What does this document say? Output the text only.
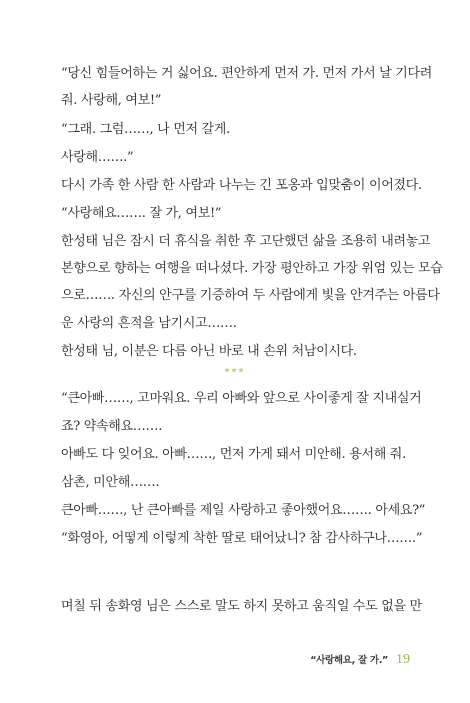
“당신 힘들어하는 거 싫어요. 편안하게 먼저 가. 먼저 가서 날 기다려
줘. 사랑해, 여보!”
“그래. 그럼……, 나 먼저 갈게.
사랑해…….”
다시 가족 한 사람 한 사람과 나누는 긴 포옹과 입맞춤이 이어졌다.
“사랑해요……. 잘 가, 여보!”
한성태 님은 잠시 더 휴식을 취한 후 고단했던 삶을 조용히 내려놓고
본향으로 향하는 여행을 떠나셨다. 가장 평안하고 가장 위엄 있는 모습
으로……. 자신의 안구를 기증하여 두 사람에게 빛을 안겨주는 아름다
운 사랑의 흔적을 남기시고…….
한성태 님, 이분은 다름 아닌 바로 내 손위 처남이시다.
***
“큰아빠……, 고마워요. 우리 아빠와 앞으로 사이좋게 잘 지내실거
죠? 약속해요…….
아빠도 다 잊어요. 아빠……, 먼저 가게 돼서 미안해. 용서해 줘.
삼촌, 미안해…….
큰아빠……, 난 큰아빠를 제일 사랑하고 좋아했어요……. 아세요?”
“화영아, 어떻게 이렇게 착한 딸로 태어났니? 참 감사하구나…….”
며칠 뒤 송화영 님은 스스로 말도 하지 못하고 움직일 수도 없을 만
“사랑해요, 잘 가.” 19
